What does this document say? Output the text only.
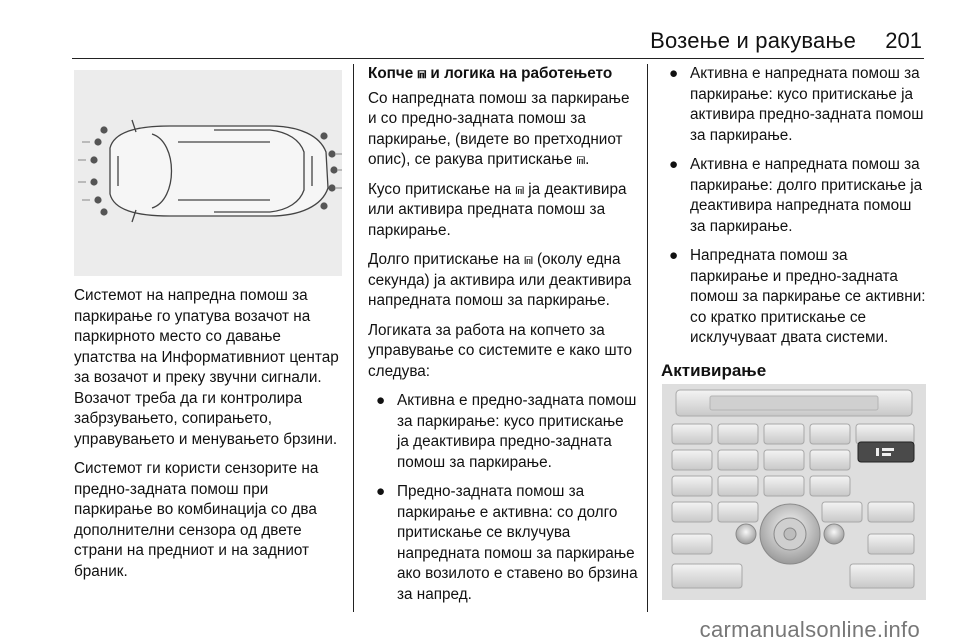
Возење и ракување 201

Системот на напредна помош за паркирање го упатува возачот на паркирното место со давање упатства на Информативниот центар за возачот и преку звучни сигнали. Возачот треба да ги контролира забрзувањето, сопирањето, управувањето и менувањето брзини.

Системот ги користи сензорите на предно-задната помош при паркирање во комбинација со два дополнителни сензора од двете страни на предниот и на задниот браник.

Копче ⩎ и логика на работењето

Со напредната помош за паркирање и со предно-задната помош за паркирање, (видете во претходниот опис), се ракува притискање ⩎.

Кусо притискање на ⩎ ја деактивира или активира предната помош за паркирање.

Долго притискање на ⩎ (околу една секунда) ја активира или деактивира напредната помош за паркирање.

Логиката за работа на копчето за управување со системите е како што следува:

● Активна е предно-задната помош за паркирање: кусо притискање ја деактивира предно-задната помош за паркирање.
● Предно-задната помош за паркирање е активна: со долго притискање се вклучува напредната помош за паркирање ако возилото е ставено во брзина за напред.
● Активна е напредната помош за паркирање: кусо притискање ја активира предно-задната помош за паркирање.
● Активна е напредната помош за паркирање: долго притискање ја деактивира напредната помош за паркирање.
● Напредната помош за паркирање и предно-задната помош за паркирање се активни: со кратко притискање се исклучуваат двата системи.

Активирање

carmanualsonline.info
